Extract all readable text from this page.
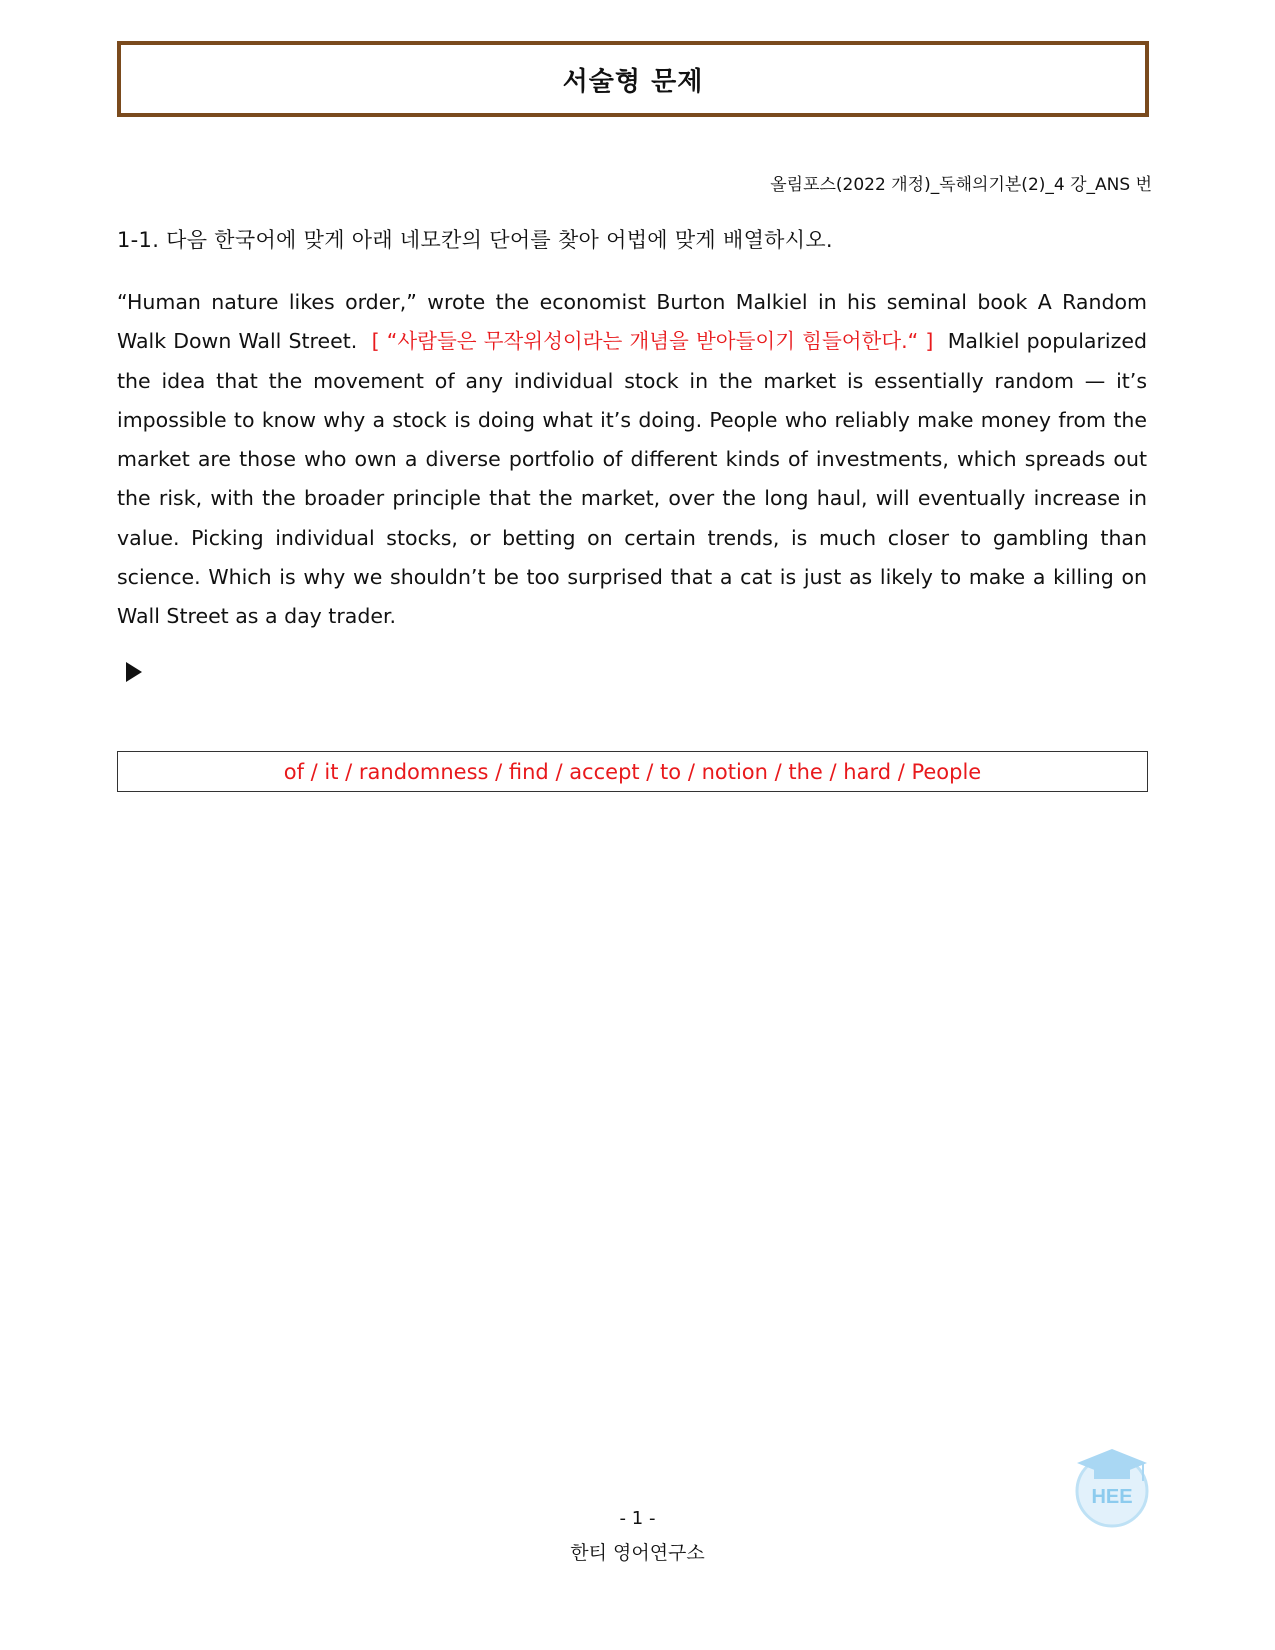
서술형 문제
올림포스(2022 개정)_독해의기본(2)_4 강_ANS 번
1-1. 다음 한국어에 맞게 아래 네모칸의 단어를 찾아 어법에 맞게 배열하시오.
“Human nature likes order,” wrote the economist Burton Malkiel in his seminal book A Random Walk Down Wall Street. [ “사람들은 무작위성이라는 개념을 받아들이기 힘들어한다.“ ] Malkiel popularized the idea that the movement of any individual stock in the market is essentially random — it’s impossible to know why a stock is doing what it’s doing. People who reliably make money from the market are those who own a diverse portfolio of different kinds of investments, which spreads out the risk, with the broader principle that the market, over the long haul, will eventually increase in value. Picking individual stocks, or betting on certain trends, is much closer to gambling than science. Which is why we shouldn’t be too surprised that a cat is just as likely to make a killing on Wall Street as a day trader.
of / it / randomness / find / accept / to / notion / the / hard / People
- 1 -
한티 영어연구소
HEE
